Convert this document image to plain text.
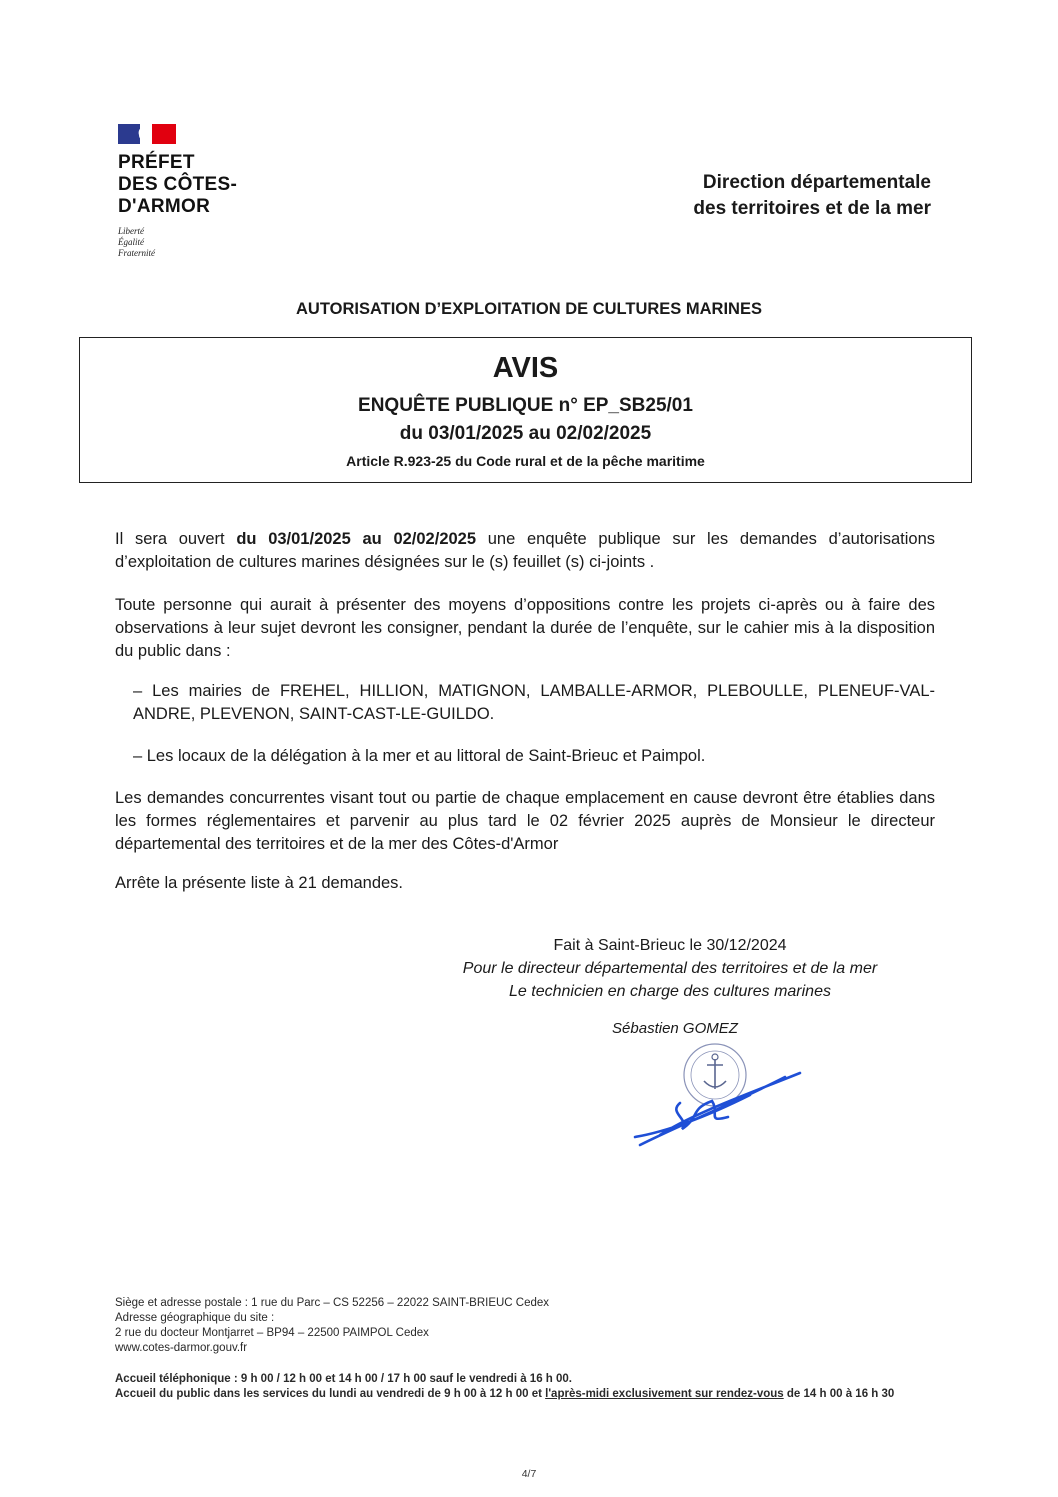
PRÉFET
DES CÔTES-
D'ARMOR
Liberté
Égalité
Fraternité
Direction départementale
des territoires et de la mer
AUTORISATION D’EXPLOITATION DE CULTURES MARINES
AVIS
ENQUÊTE PUBLIQUE n° EP_SB25/01
du 03/01/2025 au 02/02/2025
Article R.923-25 du Code rural et de la pêche maritime
Il sera ouvert du 03/01/2025 au 02/02/2025 une enquête publique sur les demandes d’autorisations d’exploitation de cultures marines désignées sur le (s) feuillet (s) ci-joints .
Toute personne qui aurait à présenter des moyens d’oppositions contre les projets ci-après ou à faire des observations à leur sujet devront les consigner, pendant la durée de l’enquête, sur le cahier mis à la disposition du public dans :
– Les mairies de FREHEL, HILLION, MATIGNON, LAMBALLE-ARMOR, PLEBOULLE, PLENEUF-VAL-ANDRE, PLEVENON, SAINT-CAST-LE-GUILDO.
– Les locaux de la délégation à la mer et au littoral de Saint-Brieuc et Paimpol.
Les demandes concurrentes visant tout ou partie de chaque emplacement en cause devront être établies dans les formes réglementaires et parvenir au plus tard le 02 février 2025 auprès de Monsieur le directeur départemental des territoires et de la mer des Côtes-d'Armor
Arrête la présente liste à 21 demandes.
Fait à Saint-Brieuc le 30/12/2024
Pour le directeur départemental des territoires et de la mer
Le technicien en charge des cultures marines
Sébastien GOMEZ
Siège et adresse postale : 1 rue du Parc – CS 52256 – 22022 SAINT-BRIEUC Cedex
Adresse géographique du site :
2 rue du docteur Montjarret – BP94 – 22500 PAIMPOL Cedex
www.cotes-darmor.gouv.fr
Accueil téléphonique : 9 h 00 / 12 h 00 et 14 h 00 / 17 h 00 sauf le vendredi à 16 h 00.
Accueil du public dans les services du lundi au vendredi de 9 h 00 à 12 h 00 et l'après-midi exclusivement sur rendez-vous de 14 h 00 à 16 h 30
4/7
